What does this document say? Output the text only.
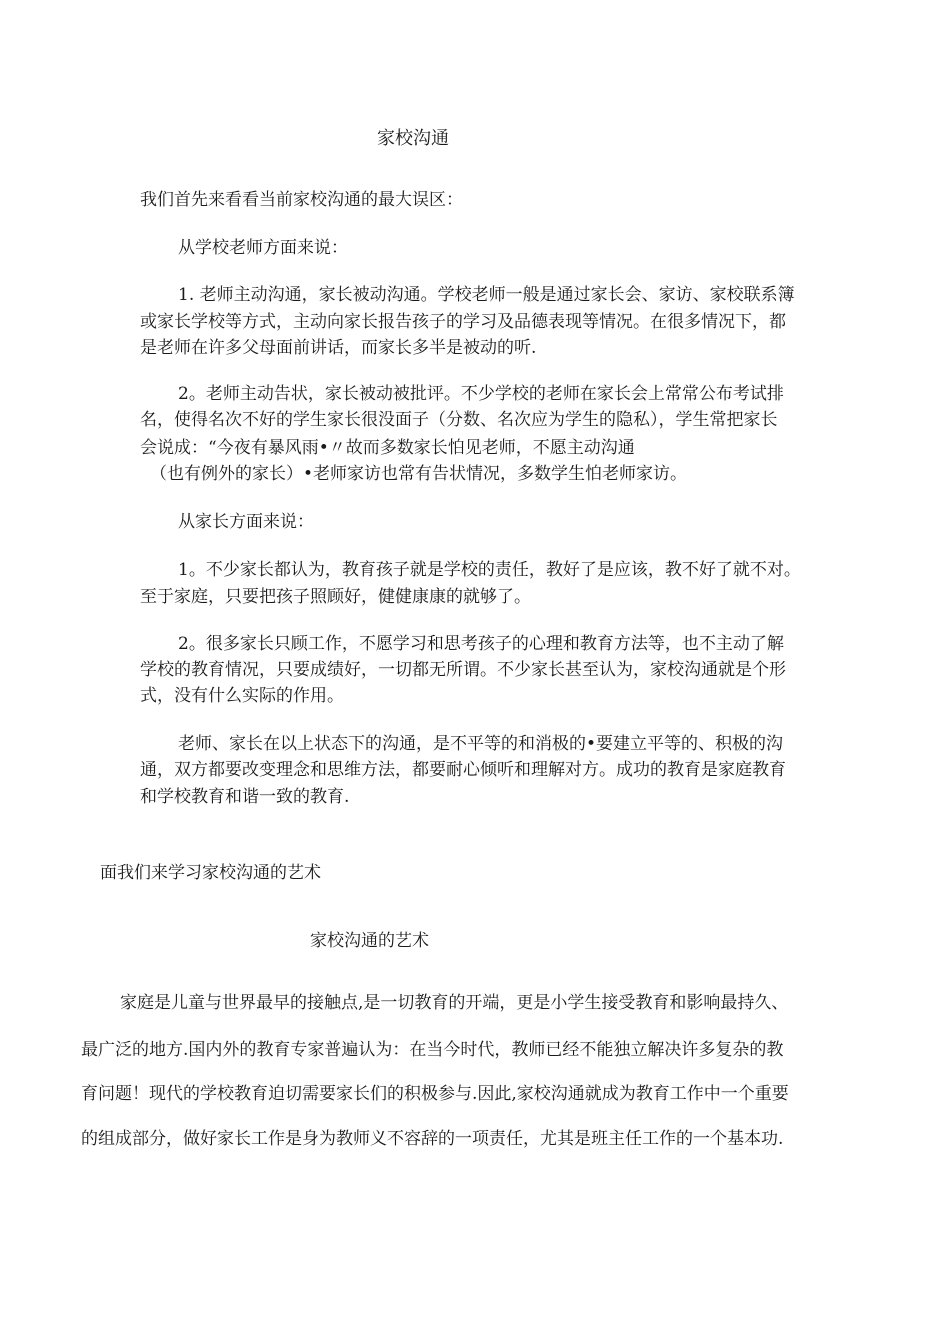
家校沟通
我们首先来看看当前家校沟通的最大误区：
从学校老师方面来说：
1. 老师主动沟通，家长被动沟通。学校老师一般是通过家长会、家访、家校联系簿
或家长学校等方式，主动向家长报告孩子的学习及品德表现等情况。在很多情况下，都
是老师在许多父母面前讲话，而家长多半是被动的听.
2。老师主动告状，家长被动被批评。不少学校的老师在家长会上常常公布考试排
名，使得名次不好的学生家长很没面子（分数、名次应为学生的隐私），学生常把家长
会说成：“今夜有暴风雨•〃故而多数家长怕见老师，不愿主动沟通
（也有例外的家长）•老师家访也常有告状情况，多数学生怕老师家访。
从家长方面来说：
1。不少家长都认为，教育孩子就是学校的责任，教好了是应该，教不好了就不对。
至于家庭，只要把孩子照顾好，健健康康的就够了。
2。很多家长只顾工作，不愿学习和思考孩子的心理和教育方法等，也不主动了解
学校的教育情况，只要成绩好，一切都无所谓。不少家长甚至认为，家校沟通就是个形
式，没有什么实际的作用。
老师、家长在以上状态下的沟通，是不平等的和消极的•要建立平等的、积极的沟
通，双方都要改变理念和思维方法，都要耐心倾听和理解对方。成功的教育是家庭教育
和学校教育和谐一致的教育.
面我们来学习家校沟通的艺术
家校沟通的艺术
家庭是儿童与世界最早的接触点,是一切教育的开端，更是小学生接受教育和影响最持久、
最广泛的地方.国内外的教育专家普遍认为：在当今时代，教师已经不能独立解决许多复杂的教
育问题！现代的学校教育迫切需要家长们的积极参与.因此,家校沟通就成为教育工作中一个重要
的组成部分，做好家长工作是身为教师义不容辞的一项责任，尤其是班主任工作的一个基本功.
